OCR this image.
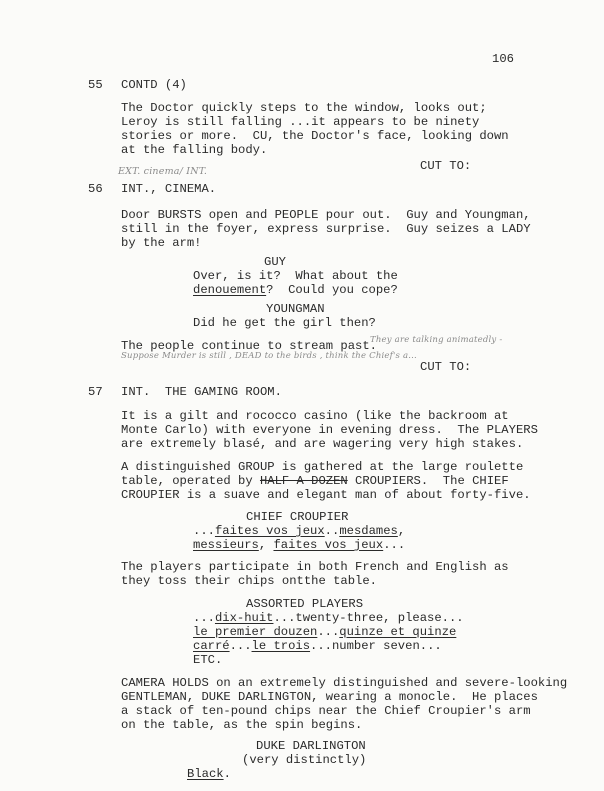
106
55 CONTD (4)
The Doctor quickly steps to the window, looks out;
Leroy is still falling ...it appears to be ninety
stories or more.  CU, the Doctor's face, looking down
at the falling body.
CUT TO:
EXT. cinema/ INT.
56 INT., CINEMA.
Door BURSTS open and PEOPLE pour out.  Guy and Youngman,
still in the foyer, express surprise.  Guy seizes a LADY
by the arm!
GUY
Over, is it?  What about the
denouement?  Could you cope?
YOUNGMAN
Did he get the girl then?
The people continue to stream past.
They are talking animatedly -
Suppose Murder is still , DEAD to the birds , think the Chief's a...
CUT TO:
57 INT.  THE GAMING ROOM.
It is a gilt and rococco casino (like the backroom at
Monte Carlo) with everyone in evening dress.  The PLAYERS
are extremely blasé, and are wagering very high stakes.
A distinguished GROUP is gathered at the large roulette
table, operated by HALF A DOZEN CROUPIERS.  The CHIEF
CROUPIER is a suave and elegant man of about forty-five.
CHIEF CROUPIER
...faites vos jeux..mesdames,
messieurs, faites vos jeux...
The players participate in both French and English as
they toss their chips ontthe table.
ASSORTED PLAYERS
...dix-huit...twenty-three, please...
le premier douzen...quinze et quinze
carré...le trois...number seven...
ETC.
CAMERA HOLDS on an extremely distinguished and severe-looking
GENTLEMAN, DUKE DARLINGTON, wearing a monocle.  He places
a stack of ten-pound chips near the Chief Croupier's arm
on the table, as the spin begins.
DUKE DARLINGTON
(very distinctly)
Black.
